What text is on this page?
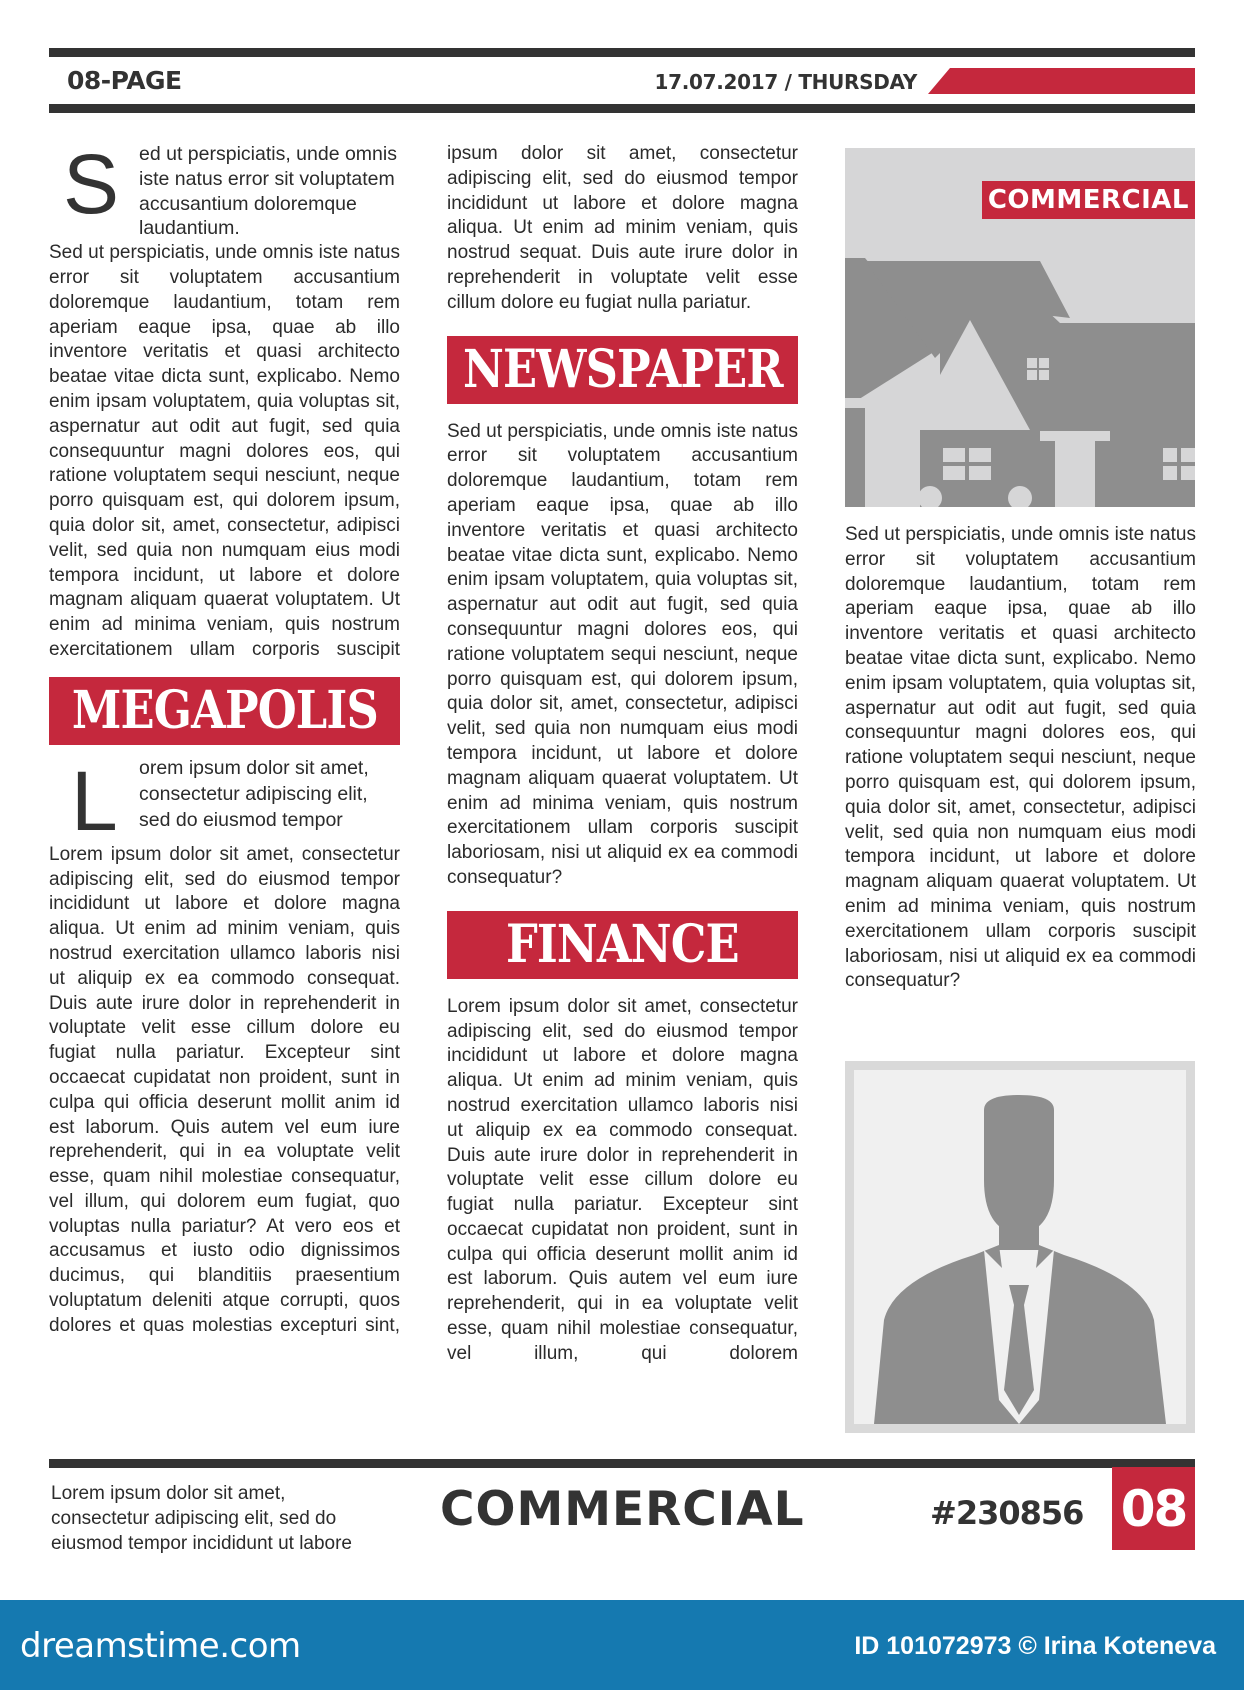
08-PAGE	17.07.2017 / THURSDAY
S	ed ut perspiciatis, unde omnis iste natus error sit voluptatem accusantium doloremque laudantium.

Sed ut perspiciatis, unde omnis iste natus error sit voluptatem accusantium doloremque laudantium, totam rem aperiam eaque ipsa, quae ab illo inventore veritatis et quasi architecto beatae vitae dicta sunt, explicabo. Nemo enim ipsam voluptatem, quia voluptas sit, aspernatur aut odit aut fugit, sed quia consequuntur magni dolores eos, qui ratione voluptatem sequi nesciunt, neque porro quisquam est, qui dolorem ipsum, quia dolor sit, amet, consectetur, adipisci velit, sed quia non numquam eius modi tempora incidunt, ut labore et dolore magnam aliquam quaerat voluptatem. Ut enim ad minima veniam, quis nostrum exercitationem ullam corporis suscipit

MEGAPOLIS
L	orem ipsum dolor sit amet, consectetur adipiscing elit, sed do eiusmod tempor

Lorem ipsum dolor sit amet, consectetur adipiscing elit, sed do eiusmod tempor incididunt ut labore et dolore magna aliqua. Ut enim ad minim veniam, quis nostrud exercitation ullamco laboris nisi ut aliquip ex ea commodo consequat. Duis aute irure dolor in reprehenderit in voluptate velit esse cillum dolore eu fugiat nulla pariatur. Excepteur sint occaecat cupidatat non proident, sunt in culpa qui officia deserunt mollit anim id est laborum. Quis autem vel eum iure reprehenderit, qui in ea voluptate velit esse, quam nihil molestiae consequatur, vel illum, qui dolorem eum fugiat, quo voluptas nulla pariatur? At vero eos et accusamus et iusto odio dignissimos ducimus, qui blanditiis praesentium voluptatum deleniti atque corrupti, quos dolores et quas molestias excepturi sint,

ipsum dolor sit amet, consectetur adipiscing elit, sed do eiusmod tempor incididunt ut labore et dolore magna aliqua. Ut enim ad minim veniam, quis nostrud sequat. Duis aute irure dolor in reprehenderit in voluptate velit esse cillum dolore eu fugiat nulla pariatur.

NEWSPAPER

Sed ut perspiciatis, unde omnis iste natus error sit voluptatem accusantium doloremque laudantium, totam rem aperiam eaque ipsa, quae ab illo inventore veritatis et quasi architecto beatae vitae dicta sunt, explicabo. Nemo enim ipsam voluptatem, quia voluptas sit, aspernatur aut odit aut fugit, sed quia consequuntur magni dolores eos, qui ratione voluptatem sequi nesciunt, neque porro quisquam est, qui dolorem ipsum, quia dolor sit, amet, consectetur, adipisci velit, sed quia non numquam eius modi tempora incidunt, ut labore et dolore magnam aliquam quaerat voluptatem. Ut enim ad minima veniam, quis nostrum exercitationem ullam corporis suscipit laboriosam, nisi ut aliquid ex ea commodi consequatur?

FINANCE

Lorem ipsum dolor sit amet, consectetur adipiscing elit, sed do eiusmod tempor incididunt ut labore et dolore magna aliqua. Ut enim ad minim veniam, quis nostrud exercitation ullamco laboris nisi ut aliquip ex ea commodo consequat. Duis aute irure dolor in reprehenderit in voluptate velit esse cillum dolore eu fugiat nulla pariatur. Excepteur sint occaecat cupidatat non proident, sunt in culpa qui officia deserunt mollit anim id est laborum. Quis autem vel eum iure reprehenderit, qui in ea voluptate velit esse, quam nihil molestiae consequatur, vel illum, qui dolorem

COMMERCIAL

Sed ut perspiciatis, unde omnis iste natus error sit voluptatem accusantium doloremque laudantium, totam rem aperiam eaque ipsa, quae ab illo inventore veritatis et quasi architecto beatae vitae dicta sunt, explicabo. Nemo enim ipsam voluptatem, quia voluptas sit, aspernatur aut odit aut fugit, sed quia consequuntur magni dolores eos, qui ratione voluptatem sequi nesciunt, neque porro quisquam est, qui dolorem ipsum, quia dolor sit, amet, consectetur, adipisci velit, sed quia non numquam eius modi tempora incidunt, ut labore et dolore magnam aliquam quaerat voluptatem. Ut enim ad minima veniam, quis nostrum exercitationem ullam corporis suscipit laboriosam, nisi ut aliquid ex ea commodi consequatur?

Lorem ipsum dolor sit amet,
consectetur adipiscing elit, sed do
eiusmod tempor incididunt ut labore
COMMERCIAL	#230856 08
dreamstime.com	ID 101072973 © Irina Koteneva
